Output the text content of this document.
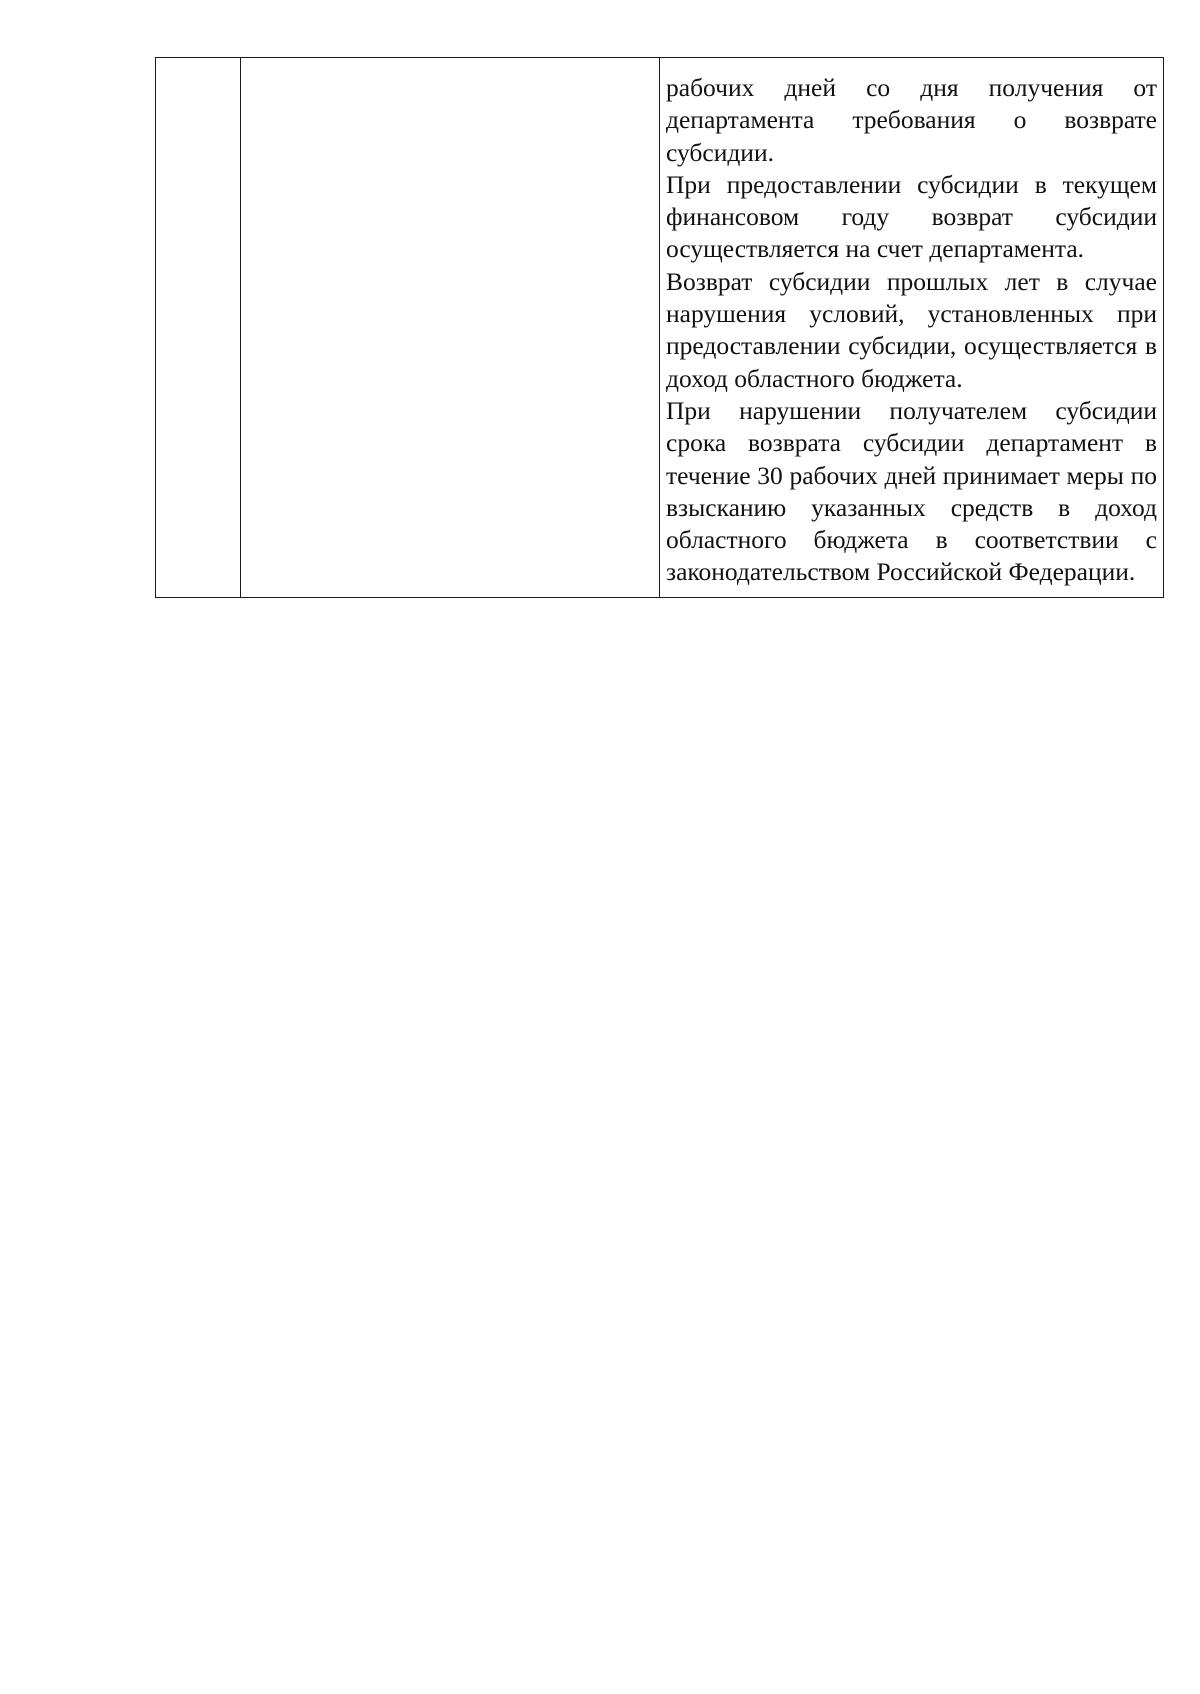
рабочих дней со дня получения от департамента требования о возврате субсидии.

При предоставлении субсидии в текущем финансовом году возврат субсидии осуществляется на счет департамента.

Возврат субсидии прошлых лет в случае нарушения условий, установленных при предоставлении субсидии, осуществляется в доход областного бюджета.

При нарушении получателем субсидии срока возврата субсидии департамент в течение 30 рабочих дней принимает меры по взысканию указанных средств в доход областного бюджета в соответствии с законодательством Российской Федерации.
